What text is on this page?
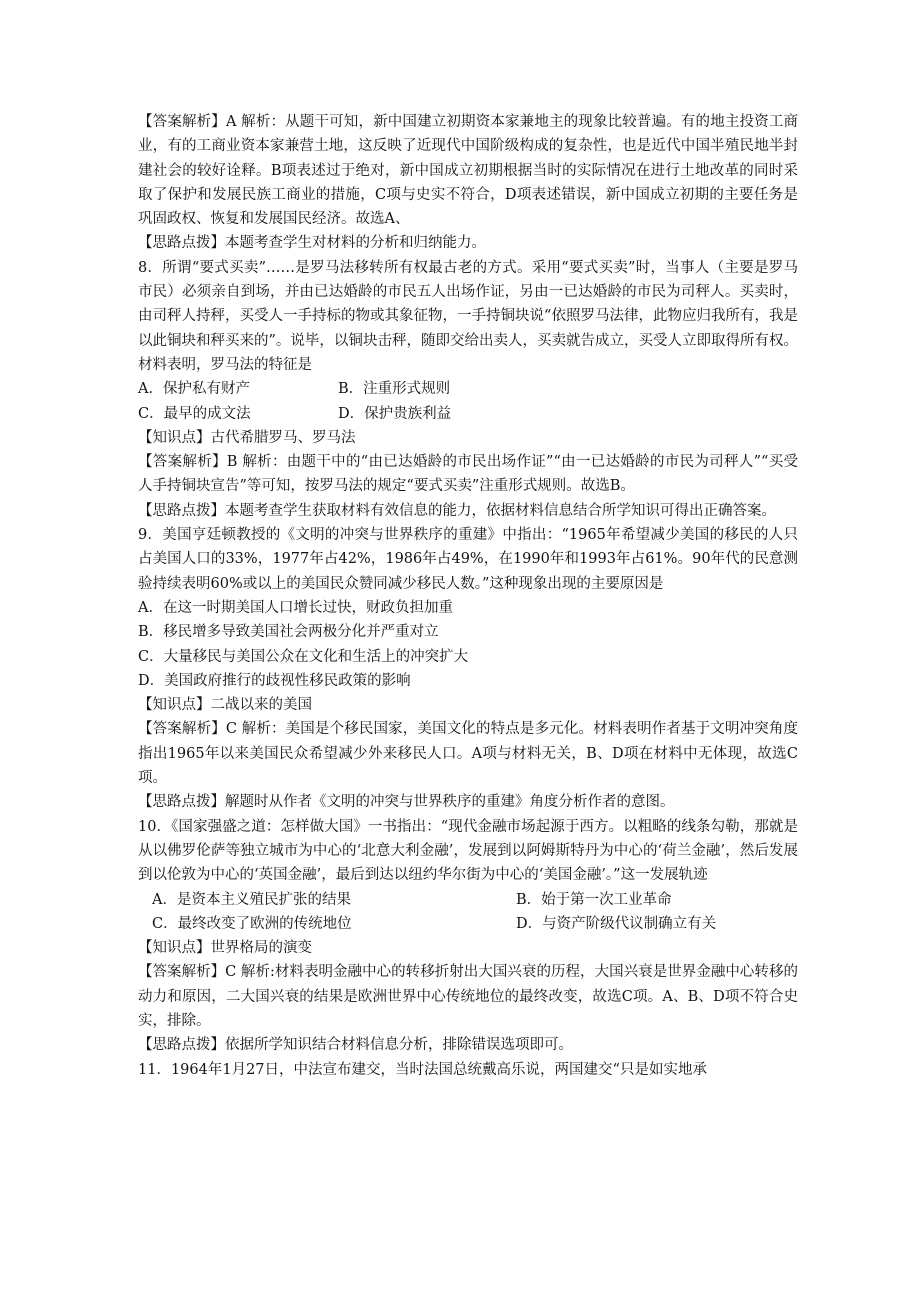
【答案解析】A 解析：从题干可知，新中国建立初期资本家兼地主的现象比较普遍。有的地主投资工商业，有的工商业资本家兼营土地，这反映了近现代中国阶级构成的复杂性，也是近代中国半殖民地半封建社会的较好诠释。B项表述过于绝对，新中国成立初期根据当时的实际情况在进行土地改革的同时采取了保护和发展民族工商业的措施，C项与史实不符合，D项表述错误，新中国成立初期的主要任务是巩固政权、恢复和发展国民经济。故选A、

【思路点拨】本题考查学生对材料的分析和归纳能力。

8．所谓“要式买卖”……是罗马法移转所有权最古老的方式。采用“要式买卖”时，当事人（主要是罗马市民）必须亲自到场，并由已达婚龄的市民五人出场作证，另由一已达婚龄的市民为司秤人。买卖时，由司秤人持秤，买受人一手持标的物或其象征物，一手持铜块说“依照罗马法律，此物应归我所有，我是以此铜块和秤买来的”。说毕，以铜块击秤，随即交给出卖人，买卖就告成立，买受人立即取得所有权。材料表明，罗马法的特征是

A．保护私有财产	B．注重形式规则
C．最早的成文法	D．保护贵族利益

【知识点】古代希腊罗马、罗马法

【答案解析】B 解析：由题干中的“由已达婚龄的市民出场作证”“由一已达婚龄的市民为司秤人”“买受人手持铜块宣告”等可知，按罗马法的规定“要式买卖”注重形式规则。故选B。

【思路点拨】本题考查学生获取材料有效信息的能力，依据材料信息结合所学知识可得出正确答案。

9．美国亨廷顿教授的《文明的冲突与世界秩序的重建》中指出：“1965年希望减少美国的移民的人只占美国人口的33%，1977年占42%，1986年占49%，在1990年和1993年占61%。90年代的民意测验持续表明60%或以上的美国民众赞同减少移民人数。”这种现象出现的主要原因是

A．在这一时期美国人口增长过快，财政负担加重

B．移民增多导致美国社会两极分化并严重对立

C．大量移民与美国公众在文化和生活上的冲突扩大

D．美国政府推行的歧视性移民政策的影响

【知识点】二战以来的美国

【答案解析】C 解析：美国是个移民国家，美国文化的特点是多元化。材料表明作者基于文明冲突角度指出1965年以来美国民众希望减少外来移民人口。A项与材料无关，B、D项在材料中无体现，故选C项。

【思路点拨】解题时从作者《文明的冲突与世界秩序的重建》角度分析作者的意图。

10．《国家强盛之道：怎样做大国》一书指出：“现代金融市场起源于西方。以粗略的线条勾勒，那就是从以佛罗伦萨等独立城市为中心的‘北意大利金融’，发展到以阿姆斯特丹为中心的‘荷兰金融’，然后发展到以伦敦为中心的‘英国金融’，最后到达以纽约华尔街为中心的‘美国金融’。”这一发展轨迹

A．是资本主义殖民扩张的结果	B．始于第一次工业革命
C．最终改变了欧洲的传统地位	D．与资产阶级代议制确立有关

【知识点】世界格局的演变

【答案解析】C 解析:材料表明金融中心的转移折射出大国兴衰的历程，大国兴衰是世界金融中心转移的动力和原因，二大国兴衰的结果是欧洲世界中心传统地位的最终改变，故选C项。A、B、D项不符合史实，排除。

【思路点拨】依据所学知识结合材料信息分析，排除错误选项即可。

11．1964年1月27日，中法宣布建交，当时法国总统戴高乐说，两国建交“只是如实地承
